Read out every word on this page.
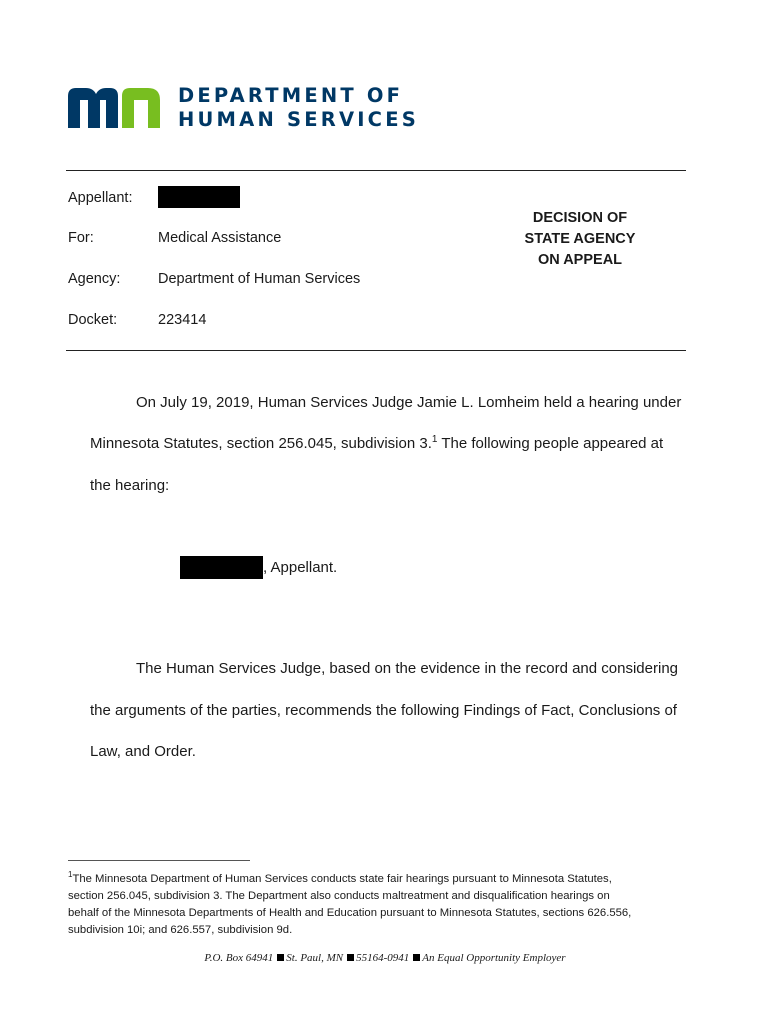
DEPARTMENT OF
HUMAN SERVICES
Appellant:
For:	Medical Assistance
Agency:	Department of Human Services
Docket:	223414
DECISION OF
STATE AGENCY
ON APPEAL
On July 19, 2019, Human Services Judge Jamie L. Lomheim held a hearing under
Minnesota Statutes, section 256.045, subdivision 3.$^1$ The following people appeared at
the hearing:
, Appellant.
The Human Services Judge, based on the evidence in the record and considering
the arguments of the parties, recommends the following Findings of Fact, Conclusions of
Law, and Order.
$^1$The Minnesota Department of Human Services conducts state fair hearings pursuant to Minnesota Statutes,
section 256.045, subdivision 3. The Department also conducts maltreatment and disqualification hearings on
behalf of the Minnesota Departments of Health and Education pursuant to Minnesota Statutes, sections 626.556,
subdivision 10i; and 626.557, subdivision 9d.
P.O. Box 64941 St. Paul, MN 55164-0941 An Equal Opportunity Employer
